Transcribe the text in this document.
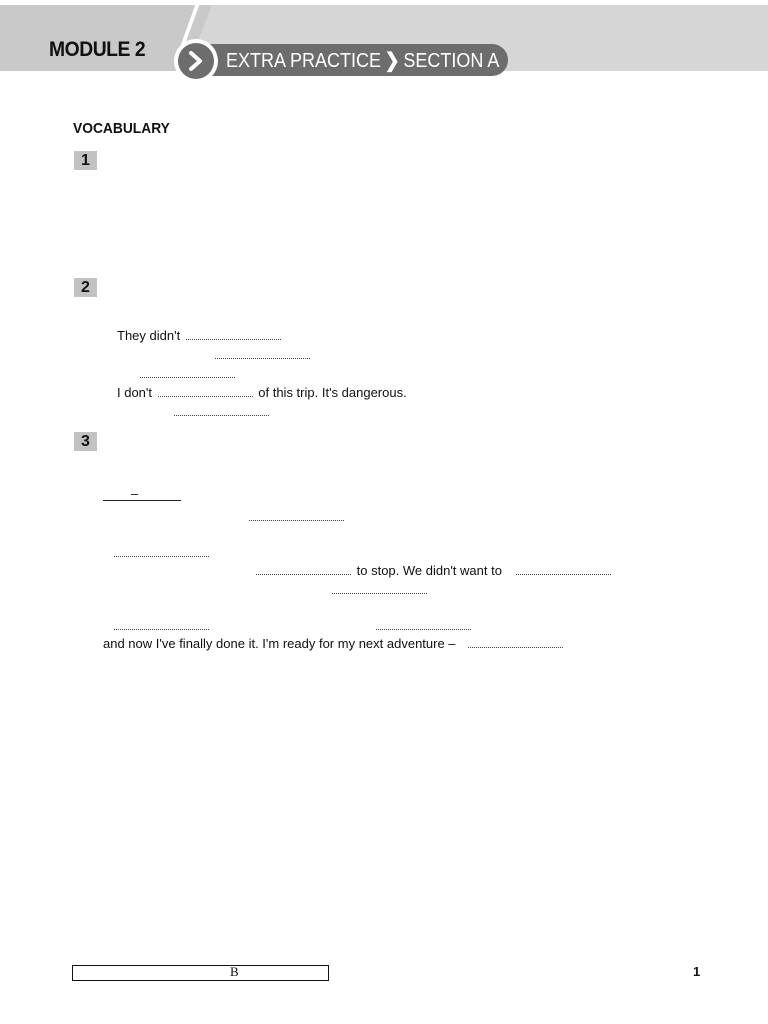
MODULE 2	EXTRA PRACTICE ❯ SECTION A
VOCABULARY
1
2
3
They didn't
I don't	of this trip. It's dangerous.
–
to stop. We didn't want to
and now I've finally done it. I'm ready for my next adventure –
B	1
